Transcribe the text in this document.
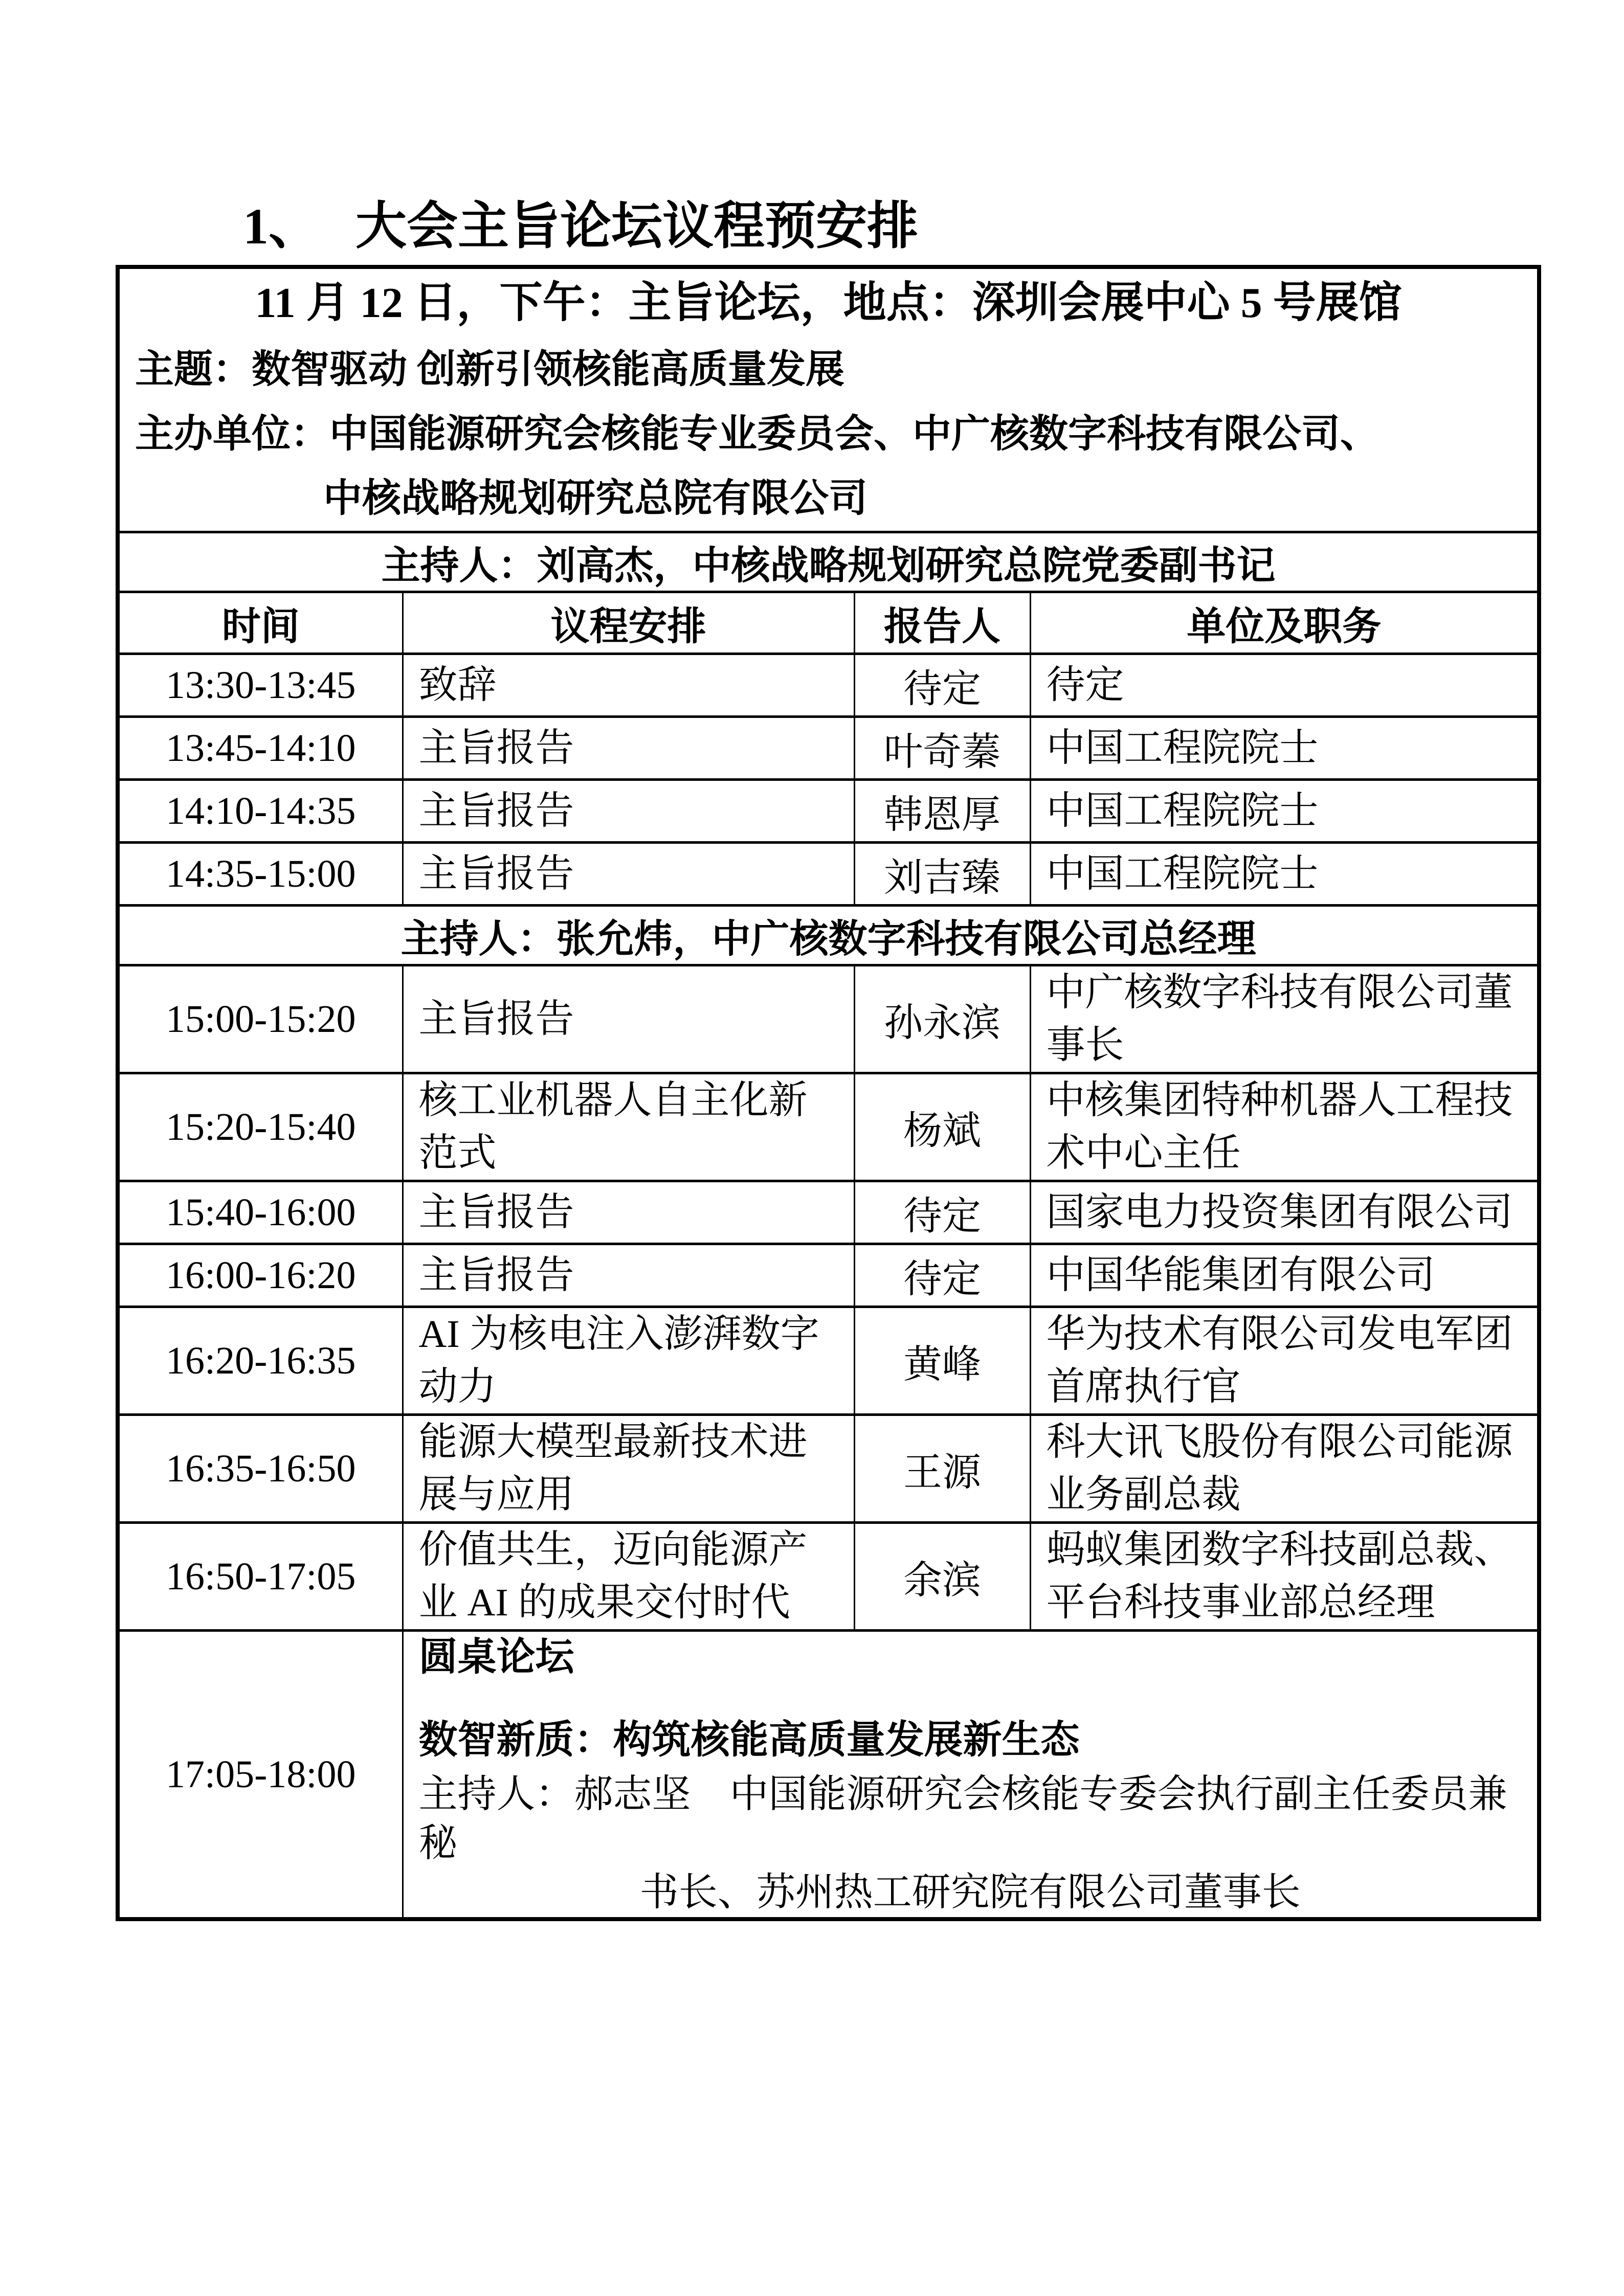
1、 大会主旨论坛议程预安排
11 月 12 日，下午：主旨论坛，地点：深圳会展中心 5 号展馆
主题：数智驱动 创新引领核能高质量发展
主办单位：中国能源研究会核能专业委员会、中广核数字科技有限公司、
中核战略规划研究总院有限公司			

主持人：刘高杰，中核战略规划研究总院党委副书记			
时间	议程安排	报告人	单位及职务
13:30-13:45	致辞	待定	待定
13:45-14:10	主旨报告	叶奇蓁	中国工程院院士
14:10-14:35	主旨报告	韩恩厚	中国工程院院士
14:35-15:00	主旨报告	刘吉臻	中国工程院院士
主持人：张允炜，中广核数字科技有限公司总经理			
15:00-15:20	主旨报告	孙永滨	中广核数字科技有限公司董事长
15:20-15:40	核工业机器人自主化新范式	杨斌	中核集团特种机器人工程技术中心主任
15:40-16:00	主旨报告	待定	国家电力投资集团有限公司
16:00-16:20	主旨报告	待定	中国华能集团有限公司
16:20-16:35	AI 为核电注入澎湃数字动力	黄峰	华为技术有限公司发电军团首席执行官
16:35-16:50	能源大模型最新技术进展与应用	王源	科大讯飞股份有限公司能源业务副总裁
16:50-17:05	价值共生，迈向能源产业 AI 的成果交付时代	余滨	蚂蚁集团数字科技副总裁、平台科技事业部总经理
17:05-18:00	圆桌论坛
数智新质：构筑核能高质量发展新生态
主持人：郝志坚　中国能源研究会核能专委会执行副主任委员兼秘
书长、苏州热工研究院有限公司董事长		
